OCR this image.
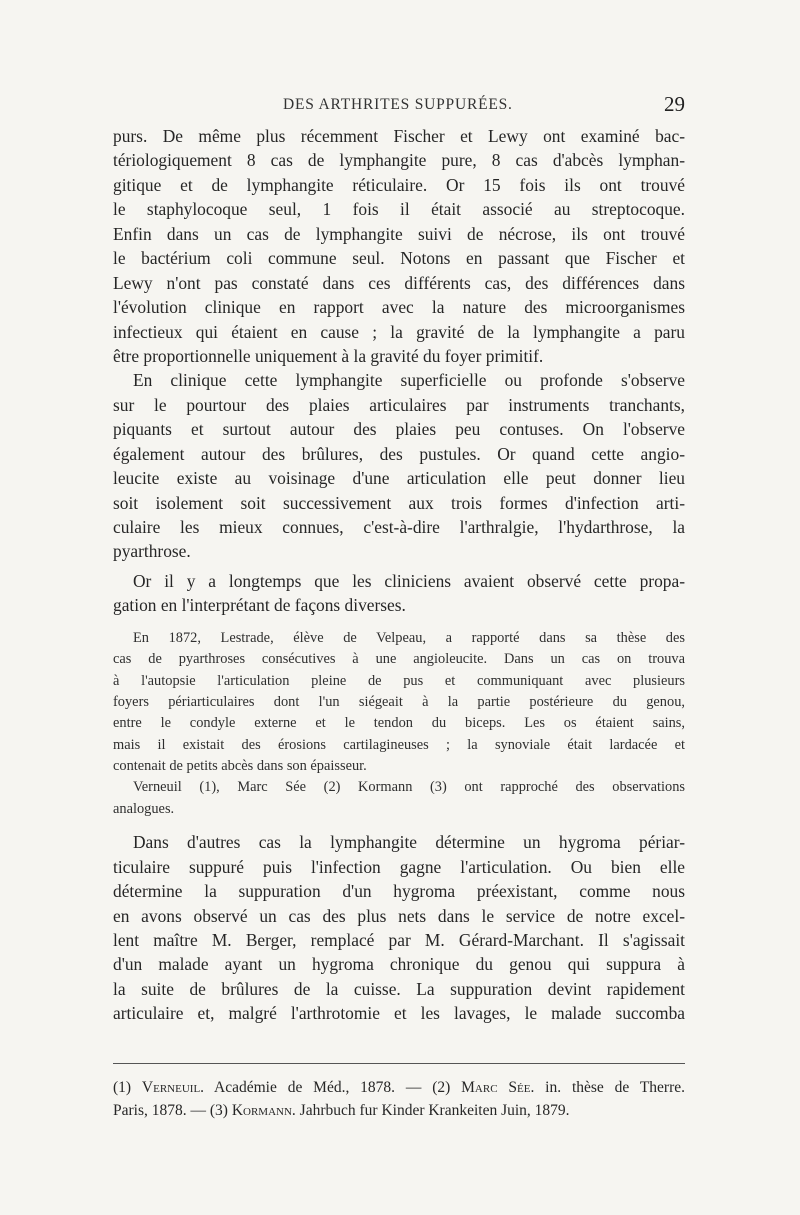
DES ARTHRITES SUPPURÉES.	29
purs. De même plus récemment Fischer et Lewy ont examiné bac-
tériologiquement 8 cas de lymphangite pure, 8 cas d'abcès lymphan-
gitique et de lymphangite réticulaire. Or 15 fois ils ont trouvé
le staphylocoque seul, 1 fois il était associé au streptocoque.
Enfin dans un cas de lymphangite suivi de nécrose, ils ont trouvé
le bactérium coli commune seul. Notons en passant que Fischer et
Lewy n'ont pas constaté dans ces différents cas, des différences dans
l'évolution clinique en rapport avec la nature des microorganismes
infectieux qui étaient en cause ; la gravité de la lymphangite a paru
être proportionnelle uniquement à la gravité du foyer primitif.
En clinique cette lymphangite superficielle ou profonde s'observe
sur le pourtour des plaies articulaires par instruments tranchants,
piquants et surtout autour des plaies peu contuses. On l'observe
également autour des brûlures, des pustules. Or quand cette angio-
leucite existe au voisinage d'une articulation elle peut donner lieu
soit isolement soit successivement aux trois formes d'infection arti-
culaire les mieux connues, c'est-à-dire l'arthralgie, l'hydarthrose, la
pyarthrose.
Or il y a longtemps que les cliniciens avaient observé cette propa-
gation en l'interprétant de façons diverses.
En 1872, Lestrade, élève de Velpeau, a rapporté dans sa thèse des
cas de pyarthroses consécutives à une angioleucite. Dans un cas on trouva
à l'autopsie l'articulation pleine de pus et communiquant avec plusieurs
foyers périarticulaires dont l'un siégeait à la partie postérieure du genou,
entre le condyle externe et le tendon du biceps. Les os étaient sains,
mais il existait des érosions cartilagineuses ; la synoviale était lardacée et
contenait de petits abcès dans son épaisseur.
Verneuil (1), Marc Sée (2) Kormann (3) ont rapproché des observations
analogues.
Dans d'autres cas la lymphangite détermine un hygroma périar-
ticulaire suppuré puis l'infection gagne l'articulation. Ou bien elle
détermine la suppuration d'un hygroma préexistant, comme nous
en avons observé un cas des plus nets dans le service de notre excel-
lent maître M. Berger, remplacé par M. Gérard-Marchant. Il s'agissait
d'un malade ayant un hygroma chronique du genou qui suppura à
la suite de brûlures de la cuisse. La suppuration devint rapidement
articulaire et, malgré l'arthrotomie et les lavages, le malade succomba
(1) Verneuil. Académie de Méd., 1878. — (2) Marc Sée. in. thèse de Therre.
Paris, 1878. — (3) Kormann. Jahrbuch fur Kinder Krankeiten Juin, 1879.
